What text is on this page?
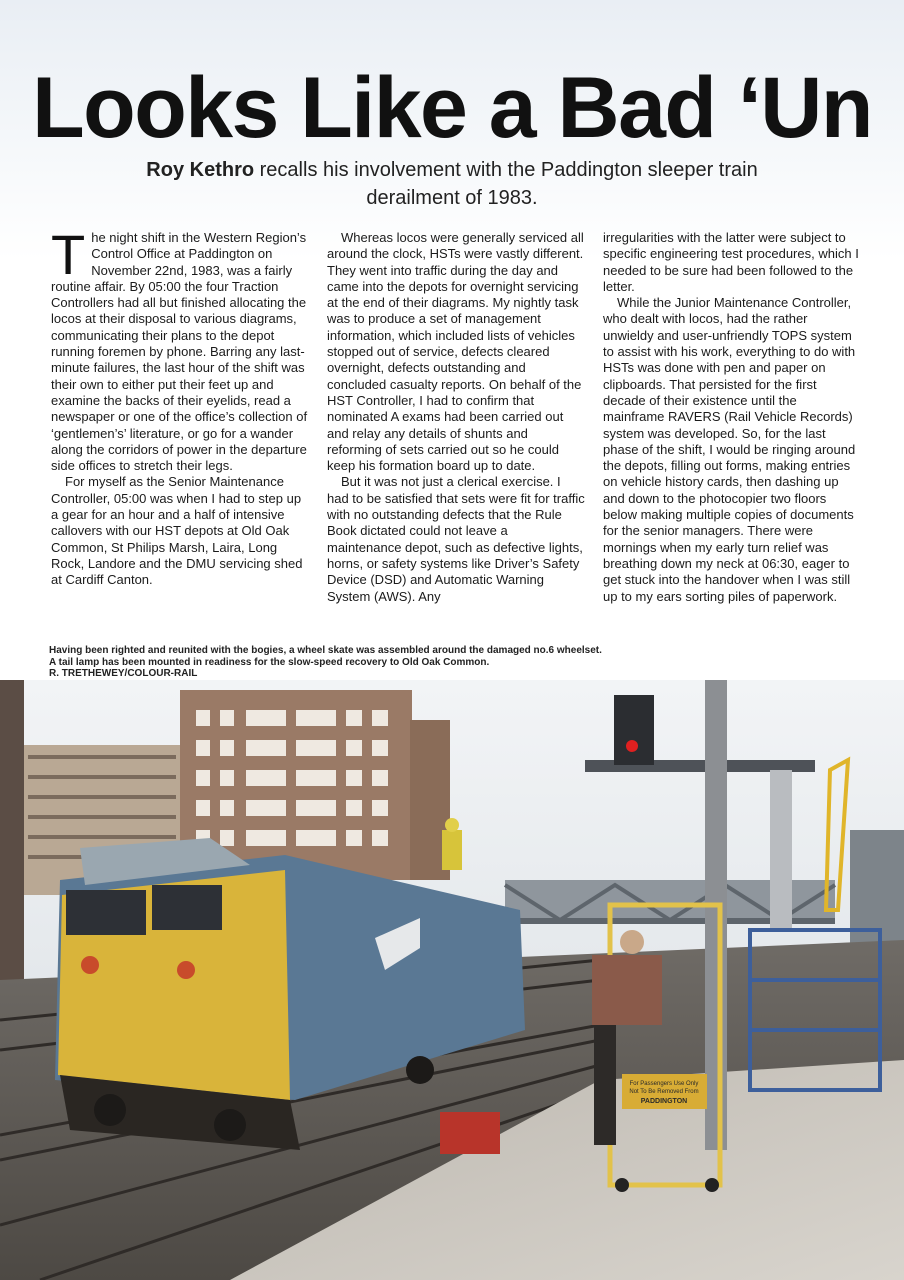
Looks Like a Bad ‘Un

Roy Kethro recalls his involvement with the Paddington sleeper train derailment of 1983.

The night shift in the Western Region’s Control Office at Paddington on November 22nd, 1983, was a fairly routine affair. By 05:00 the four Traction Controllers had all but finished allocating the locos at their disposal to various diagrams, communicating their plans to the depot running foremen by phone. Barring any last-minute failures, the last hour of the shift was their own to either put their feet up and examine the backs of their eyelids, read a newspaper or one of the office’s collection of ‘gentlemen’s’ literature, or go for a wander along the corridors of power in the departure side offices to stretch their legs.

For myself as the Senior Maintenance Controller, 05:00 was when I had to step up a gear for an hour and a half of intensive callovers with our HST depots at Old Oak Common, St Philips Marsh, Laira, Long Rock, Landore and the DMU servicing shed at Cardiff Canton.

Whereas locos were generally serviced all around the clock, HSTs were vastly different. They went into traffic during the day and came into the depots for overnight servicing at the end of their diagrams. My nightly task was to produce a set of management information, which included lists of vehicles stopped out of service, defects cleared overnight, defects outstanding and concluded casualty reports. On behalf of the HST Controller, I had to confirm that nominated A exams had been carried out and relay any details of shunts and reforming of sets carried out so he could keep his formation board up to date.

But it was not just a clerical exercise. I had to be satisfied that sets were fit for traffic with no outstanding defects that the Rule Book dictated could not leave a maintenance depot, such as defective lights, horns, or safety systems like Driver’s Safety Device (DSD) and Automatic Warning System (AWS). Any

irregularities with the latter were subject to specific engineering test procedures, which I needed to be sure had been followed to the letter.

While the Junior Maintenance Controller, who dealt with locos, had the rather unwieldy and user-unfriendly TOPS system to assist with his work, everything to do with HSTs was done with pen and paper on clipboards. That persisted for the first decade of their existence until the mainframe RAVERS (Rail Vehicle Records) system was developed. So, for the last phase of the shift, I would be ringing around the depots, filling out forms, making entries on vehicle history cards, then dashing up and down to the photocopier two floors below making multiple copies of documents for the senior managers. There were mornings when my early turn relief was breathing down my neck at 06:30, eager to get stuck into the handover when I was still up to my ears sorting piles of paperwork.

Having been righted and reunited with the bogies, a wheel skate was assembled around the damaged no.6 wheelset.
A tail lamp has been mounted in readiness for the slow-speed recovery to Old Oak Common.
R. TRETHEWEY/COLOUR-RAIL
For Passengers Use Only
Not To Be Removed From
PADDINGTON
